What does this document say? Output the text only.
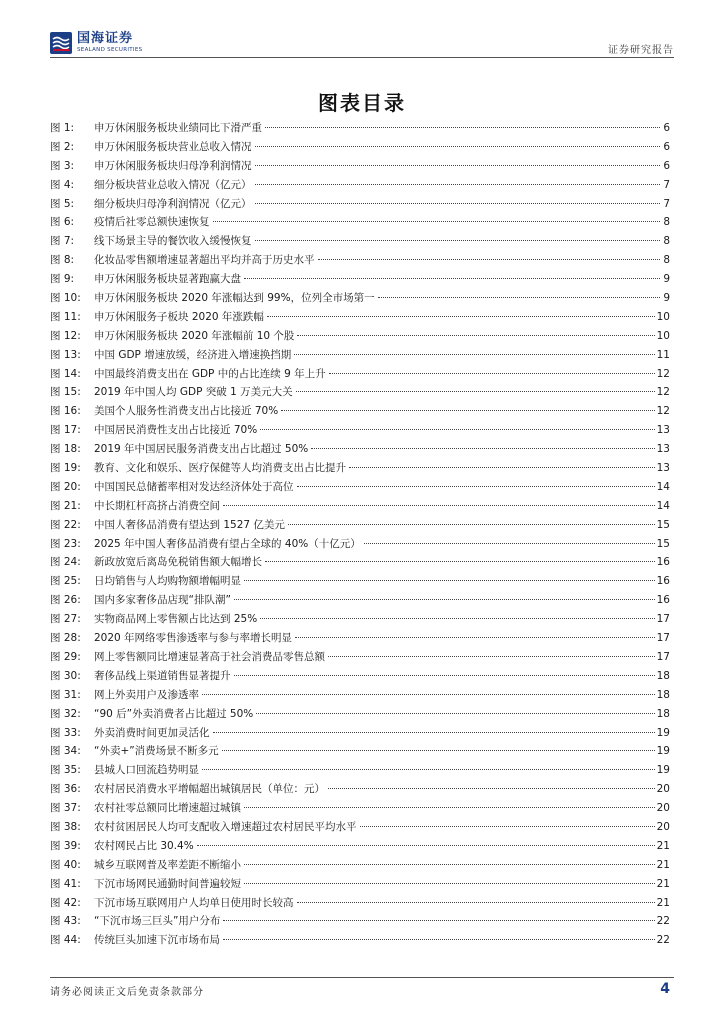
国海证券
SEALAND SECURITIES	证券研究报告
图表目录
图 1:	申万休闲服务板块业绩同比下滑严重	6
图 2:	申万休闲服务板块营业总收入情况	6
图 3:	申万休闲服务板块归母净利润情况	6
图 4:	细分板块营业总收入情况（亿元）	7
图 5:	细分板块归母净利润情况（亿元）	7
图 6:	疫情后社零总额快速恢复	8
图 7:	线下场景主导的餐饮收入缓慢恢复	8
图 8:	化妆品零售额增速显著超出平均并高于历史水平	8
图 9:	申万休闲服务板块显著跑赢大盘	9
图 10:	申万休闲服务板块 2020 年涨幅达到 99%，位列全市场第一	9
图 11:	申万休闲服务子板块 2020 年涨跌幅	10
图 12:	申万休闲服务板块 2020 年涨幅前 10 个股	10
图 13:	中国 GDP 增速放缓，经济进入增速换挡期	11
图 14:	中国最终消费支出在 GDP 中的占比连续 9 年上升	12
图 15:	2019 年中国人均 GDP 突破 1 万美元大关	12
图 16:	美国个人服务性消费支出占比接近 70%	12
图 17:	中国居民消费性支出占比接近 70%	13
图 18:	2019 年中国居民服务消费支出占比超过 50%	13
图 19:	教育、文化和娱乐、医疗保健等人均消费支出占比提升	13
图 20:	中国国民总储蓄率相对发达经济体处于高位	14
图 21:	中长期杠杆高挤占消费空间	14
图 22:	中国人奢侈品消费有望达到 1527 亿美元	15
图 23:	2025 年中国人奢侈品消费有望占全球的 40%（十亿元）	15
图 24:	新政放宽后离岛免税销售额大幅增长	16
图 25:	日均销售与人均购物额增幅明显	16
图 26:	国内多家奢侈品店现“排队潮”	16
图 27:	实物商品网上零售额占比达到 25%	17
图 28:	2020 年网络零售渗透率与参与率增长明显	17
图 29:	网上零售额同比增速显著高于社会消费品零售总额	17
图 30:	奢侈品线上渠道销售显著提升	18
图 31:	网上外卖用户及渗透率	18
图 32:	“90 后”外卖消费者占比超过 50%	18
图 33:	外卖消费时间更加灵活化	19
图 34:	“外卖+”消费场景不断多元	19
图 35:	县城人口回流趋势明显	19
图 36:	农村居民消费水平增幅超出城镇居民（单位：元）	20
图 37:	农村社零总额同比增速超过城镇	20
图 38:	农村贫困居民人均可支配收入增速超过农村居民平均水平	20
图 39:	农村网民占比 30.4%	21
图 40:	城乡互联网普及率差距不断缩小	21
图 41:	下沉市场网民通勤时间普遍较短	21
图 42:	下沉市场互联网用户人均单日使用时长较高	21
图 43:	“下沉市场三巨头”用户分布	22
图 44:	传统巨头加速下沉市场布局	22
请务必阅读正文后免责条款部分	4
